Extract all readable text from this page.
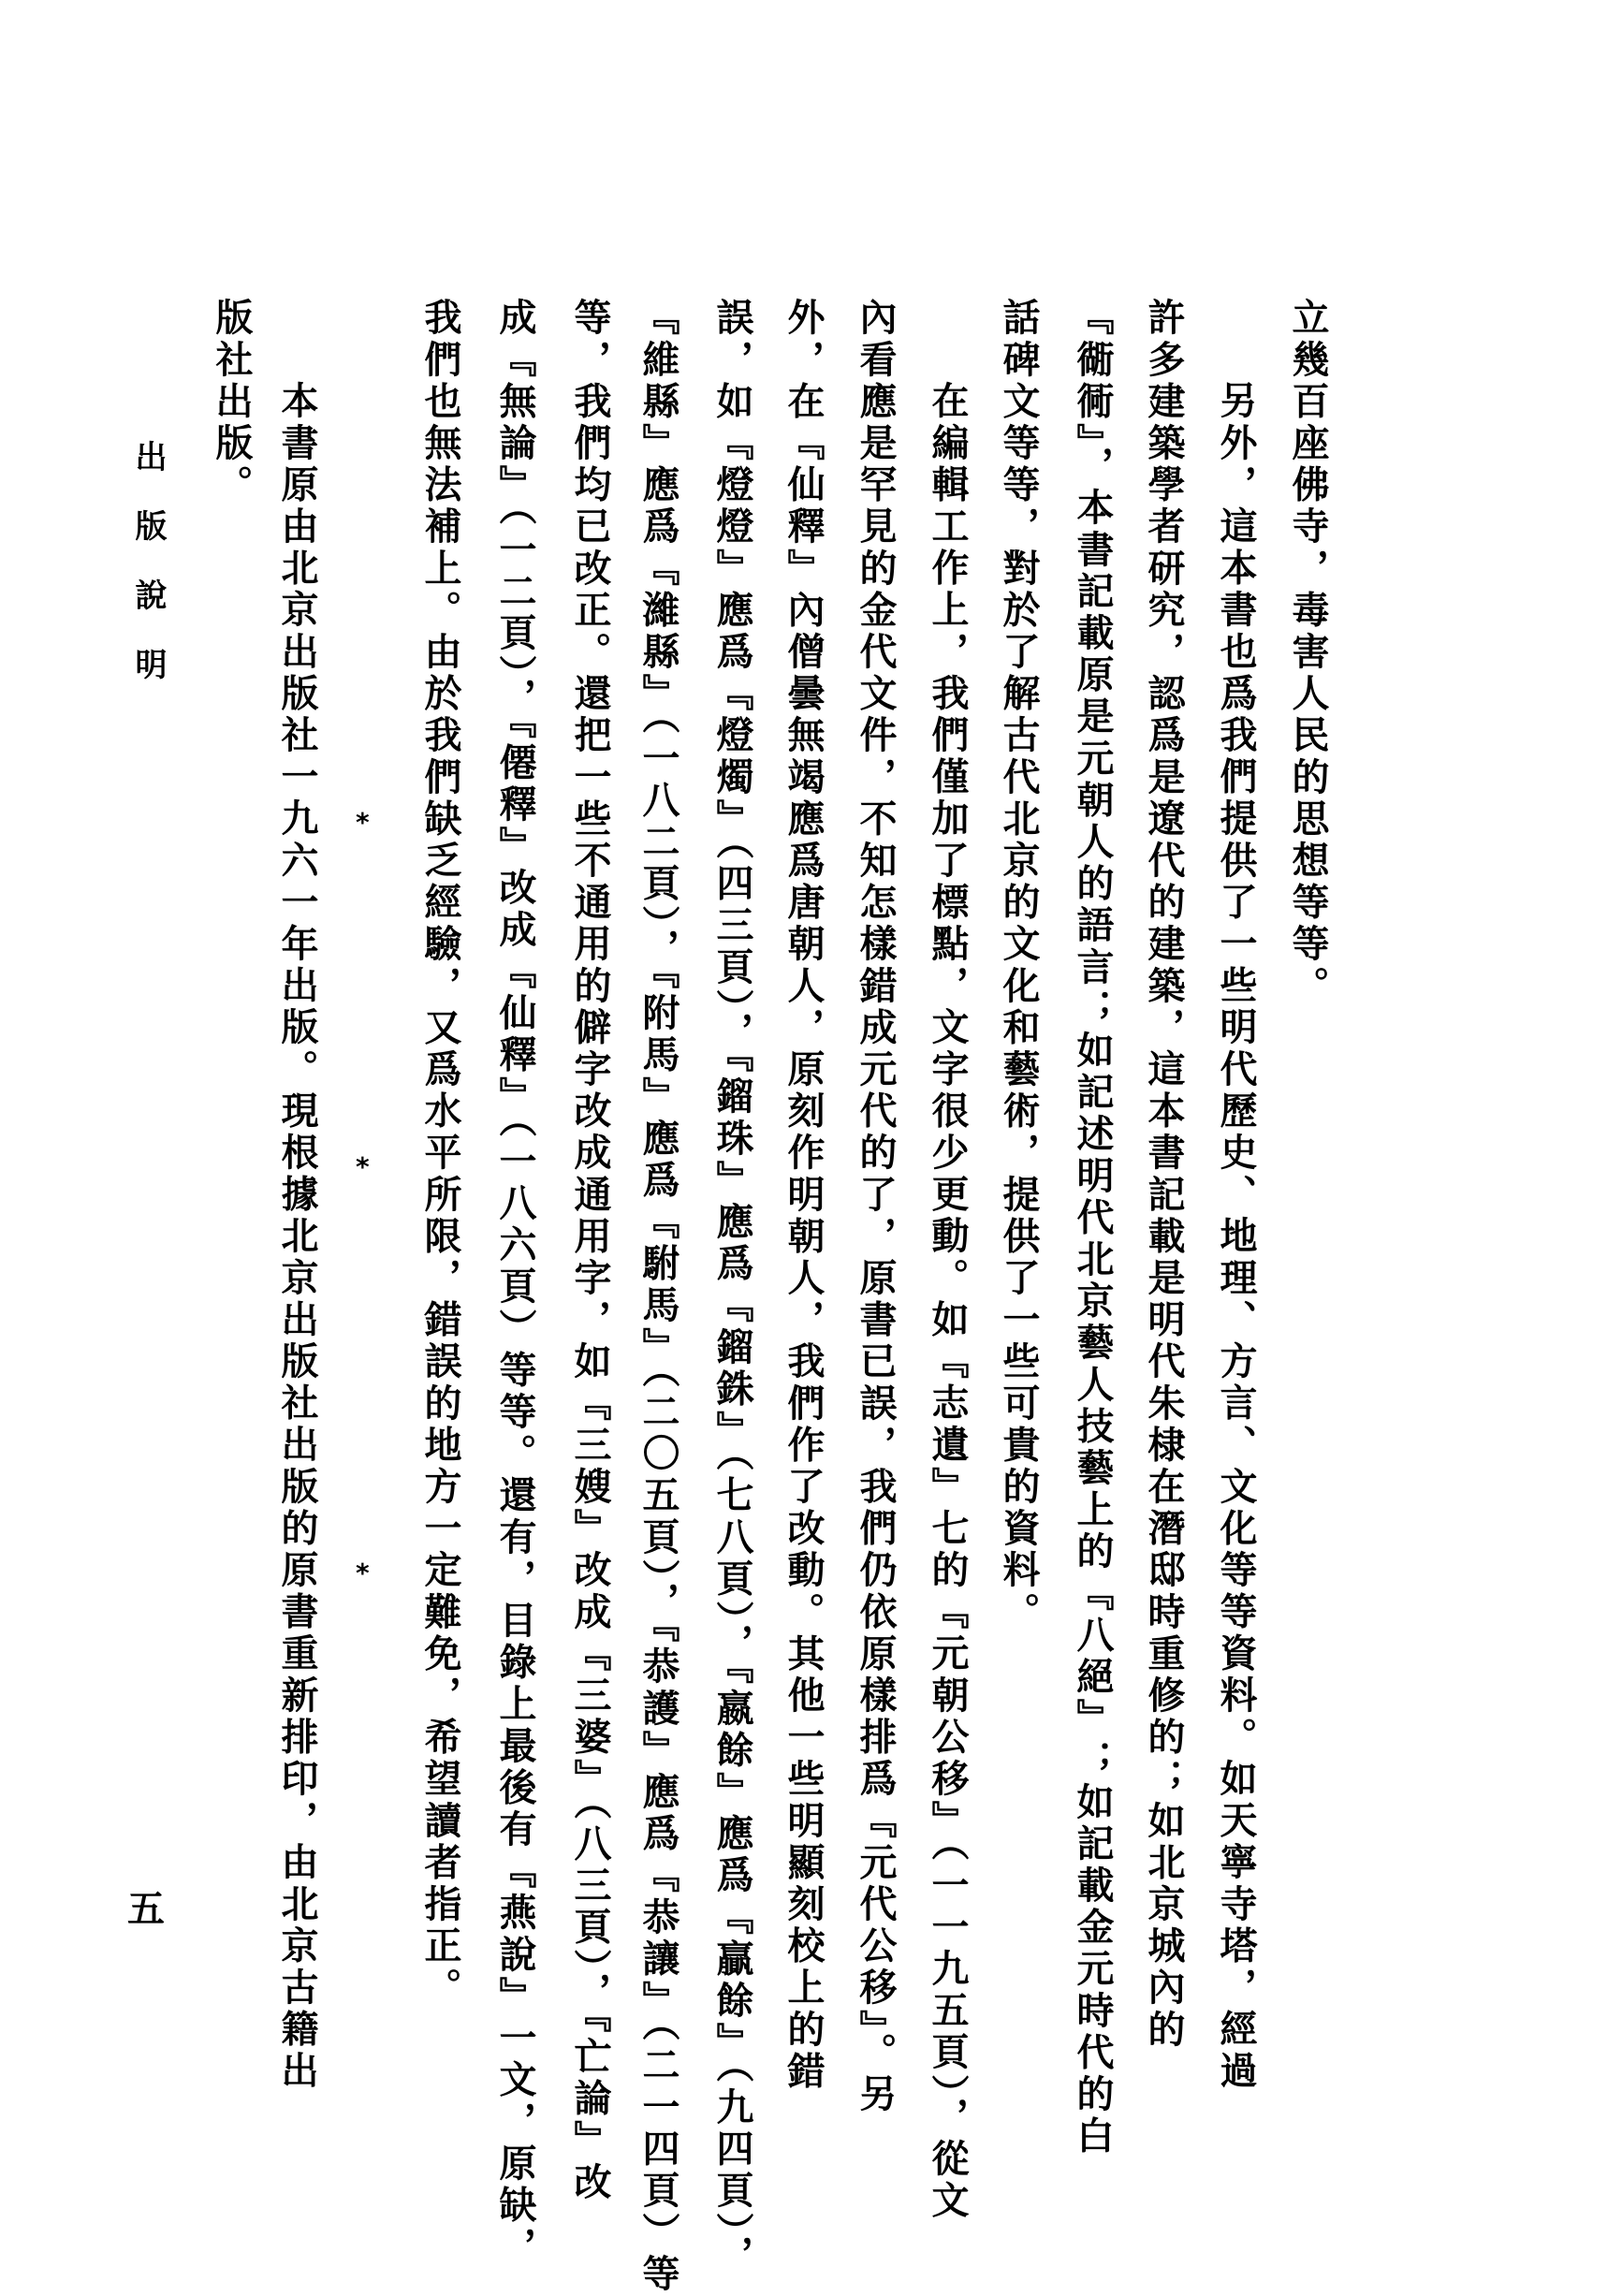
立幾百座佛寺，毒害人民的思想等等。
另外，這本書也爲我們提供了一些明代歷史、地理、方言、文化等等資料。如天寧寺塔，經過
許多建築學者研究，認爲是遼代的建築，這本書記載是明代朱棣在潛邸時重修的；如北京城內的
『衚衕』，本書記載原是元朝人的語言；如記述明代北京藝人技藝上的『八絕』；如記載金元時代的白
話碑文等等，對於了解古代北京的文化和藝術，提供了一些可貴的資料。
在編輯工作上，我們僅加了標點，文字很少更動。如『志遺』七的『元朝公移』（一一九五頁），從文
內看應是罕見的金代文件，不知怎樣錯成元代的了，原書已誤，我們仍依原樣排爲『元代公移』。另
外，在『仙釋』內僧曇無竭應爲唐朝人，原刻作明朝人，我們作了改動。其他一些明顯刻校上的錯
誤，如『燈燈』應爲『燈燭』（四三頁），『鎦珠』應爲『鎦銖』（七八頁），『嬴餘』應爲『贏餘』（九四頁），
『維縣』應爲『濰縣』（一八二頁），『附馬』應爲『駙馬』（二〇五頁），『恭護』應爲『恭讓』（二一四頁）等
等，我們均已改正。還把一些不通用的僻字改成通用字，如『三嫂』改成『三婆』（八三頁），『亡論』改
成『無論』（一二頁），『僊釋』改成『仙釋』（一八六頁）等等。還有，目錄上最後有『燕說』一文，原缺，
我們也無法補上。由於我們缺乏經驗，又爲水平所限，錯誤的地方一定難免，希望讀者指正。
*
*
*
本書原由北京出版社一九六一年出版。現根據北京出版社出版的原書重新排印，由北京古籍出
版社出版。
出版說明
五
